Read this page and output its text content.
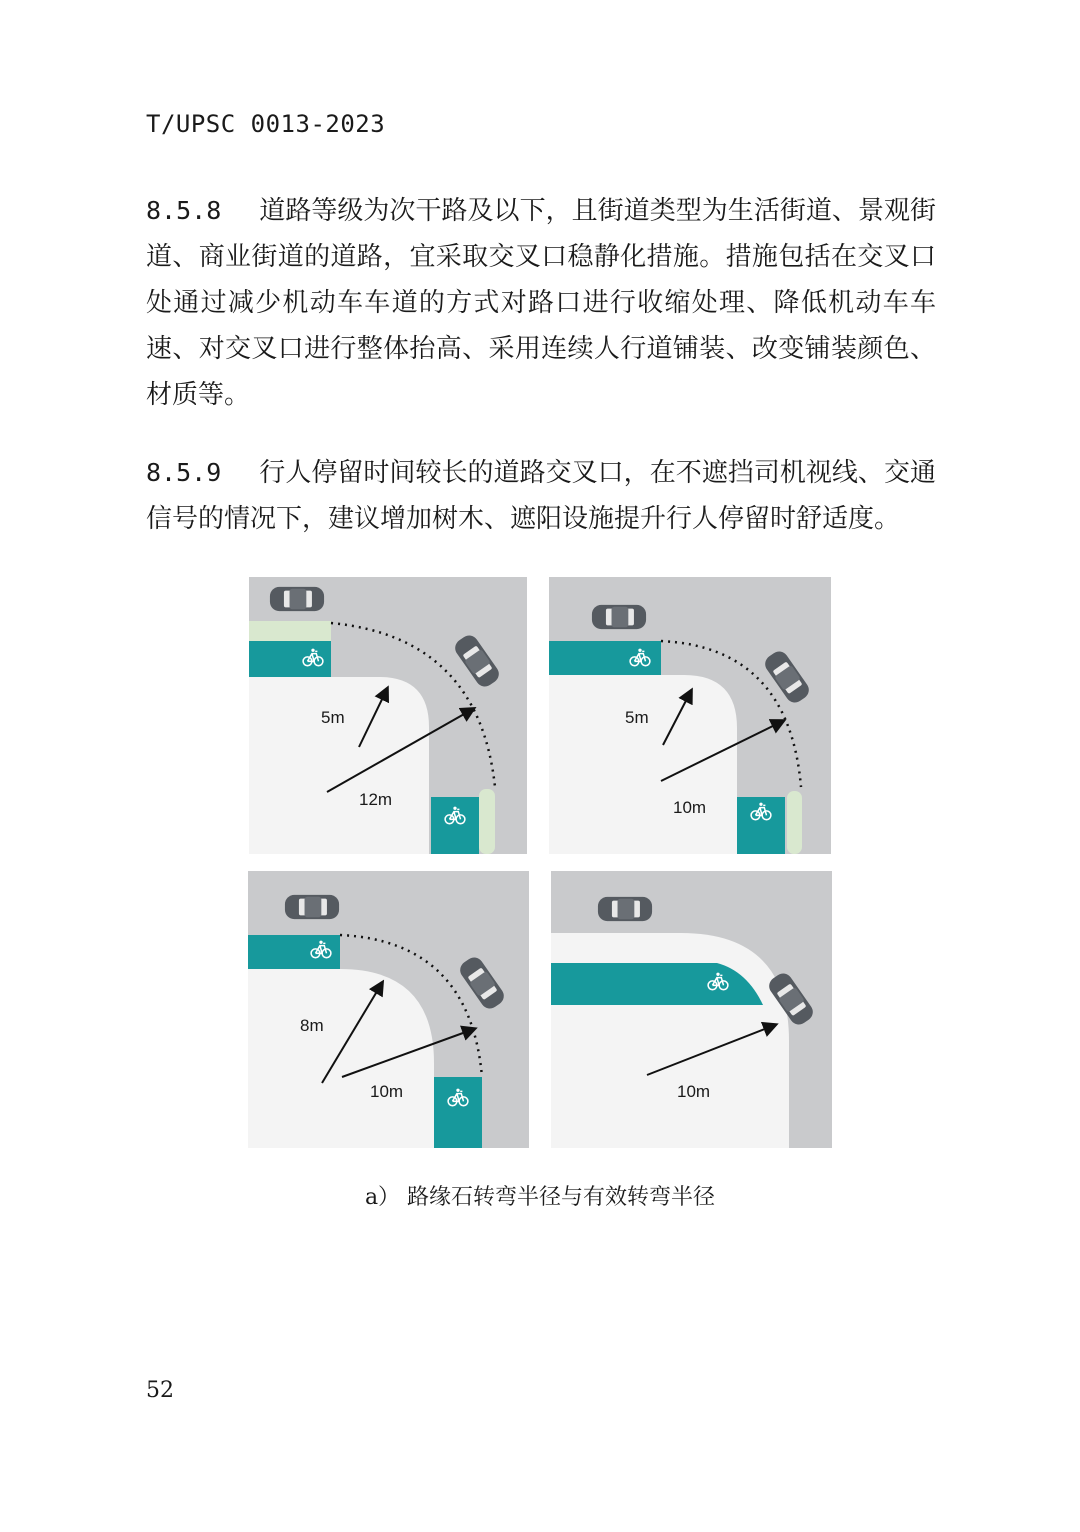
T/UPSC 0013-2023
8.5.8 道路等级为次干路及以下，且街道类型为生活街道、景观街道、商业街道的道路，宜采取交叉口稳静化措施。措施包括在交叉口处通过减少机动车车道的方式对路口进行收缩处理、降低机动车车速、对交叉口进行整体抬高、采用连续人行道铺装、改变铺装颜色、材质等。
8.5.9 行人停留时间较长的道路交叉口，在不遮挡司机视线、交通信号的情况下，建议增加树木、遮阳设施提升行人停留时舒适度。
5m
12m
5m
10m
8m
10m	10m
a） 路缘石转弯半径与有效转弯半径
52
